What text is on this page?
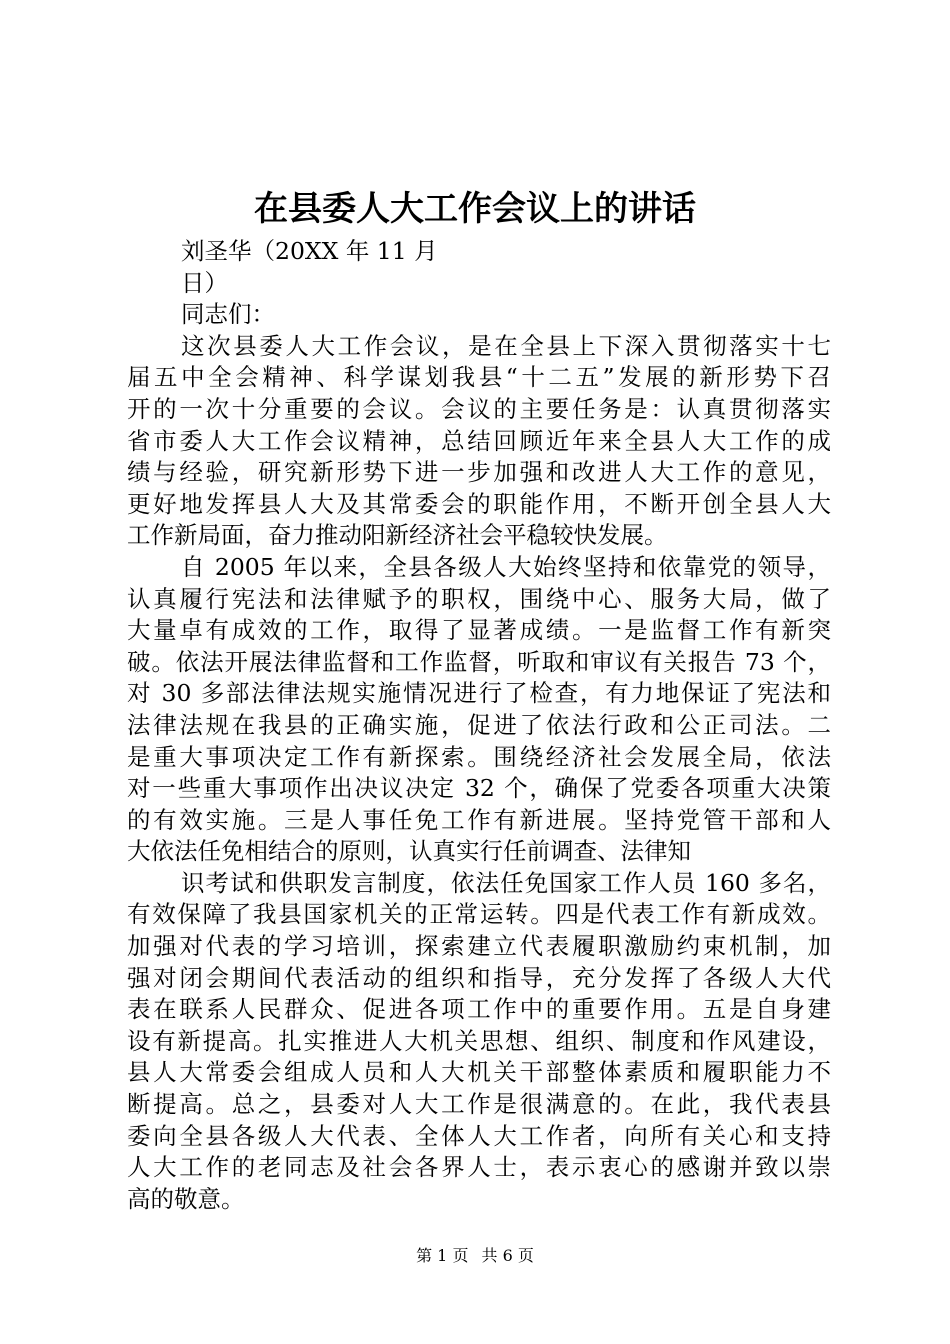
在县委人大工作会议上的讲话
刘圣华（20XX 年 11 月
日）
同志们：
这次县委人大工作会议，是在全县上下深入贯彻落实十七
届五中全会精神、科学谋划我县“十二五”发展的新形势下召
开的一次十分重要的会议。会议的主要任务是：认真贯彻落实
省市委人大工作会议精神，总结回顾近年来全县人大工作的成
绩与经验，研究新形势下进一步加强和改进人大工作的意见，
更好地发挥县人大及其常委会的职能作用，不断开创全县人大
工作新局面，奋力推动阳新经济社会平稳较快发展。
自 2005 年以来，全县各级人大始终坚持和依靠党的领导，
认真履行宪法和法律赋予的职权，围绕中心、服务大局，做了
大量卓有成效的工作，取得了显著成绩。一是监督工作有新突
破。依法开展法律监督和工作监督，听取和审议有关报告 73 个，
对 30 多部法律法规实施情况进行了检查，有力地保证了宪法和
法律法规在我县的正确实施，促进了依法行政和公正司法。二
是重大事项决定工作有新探索。围绕经济社会发展全局，依法
对一些重大事项作出决议决定 32 个，确保了党委各项重大决策
的有效实施。三是人事任免工作有新进展。坚持党管干部和人
大依法任免相结合的原则，认真实行任前调查、法律知
识考试和供职发言制度，依法任免国家工作人员 160 多名，
有效保障了我县国家机关的正常运转。四是代表工作有新成效。
加强对代表的学习培训，探索建立代表履职激励约束机制，加
强对闭会期间代表活动的组织和指导，充分发挥了各级人大代
表在联系人民群众、促进各项工作中的重要作用。五是自身建
设有新提高。扎实推进人大机关思想、组织、制度和作风建设，
县人大常委会组成人员和人大机关干部整体素质和履职能力不
断提高。总之，县委对人大工作是很满意的。在此，我代表县
委向全县各级人大代表、全体人大工作者，向所有关心和支持
人大工作的老同志及社会各界人士，表示衷心的感谢并致以崇
高的敬意。
第 1 页 共 6 页
